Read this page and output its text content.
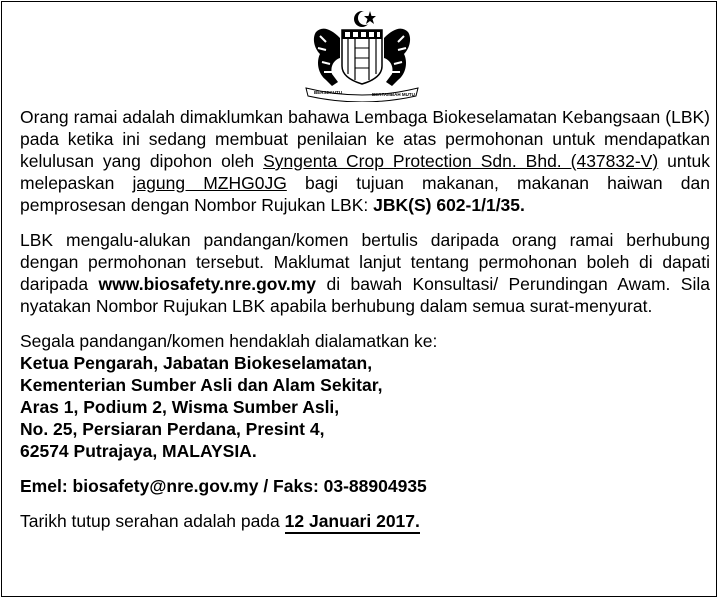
BERSEKUTU	BERTAMBAH MUTU

Orang ramai adalah dimaklumkan bahawa Lembaga Biokeselamatan Kebangsaan (LBK) pada ketika ini sedang membuat penilaian ke atas permohonan untuk mendapatkan kelulusan yang dipohon oleh Syngenta Crop Protection Sdn. Bhd. (437832-V) untuk melepaskan jagung MZHG0JG bagi tujuan makanan, makanan haiwan dan pemprosesan dengan Nombor Rujukan LBK: JBK(S) 602-1/1/35.

LBK mengalu-alukan pandangan/komen bertulis daripada orang ramai berhubung dengan permohonan tersebut. Maklumat lanjut tentang permohonan boleh di dapati daripada www.biosafety.nre.gov.my di bawah Konsultasi/ Perundingan Awam. Sila nyatakan Nombor Rujukan LBK apabila berhubung dalam semua surat-menyurat.

Segala pandangan/komen hendaklah dialamatkan ke:

Ketua Pengarah, Jabatan Biokeselamatan,

Kementerian Sumber Asli dan Alam Sekitar,

Aras 1, Podium 2, Wisma Sumber Asli,

No. 25, Persiaran Perdana, Presint 4,

62574 Putrajaya, MALAYSIA.

Emel: biosafety@nre.gov.my / Faks: 03-88904935

Tarikh tutup serahan adalah pada 12 Januari 2017.
